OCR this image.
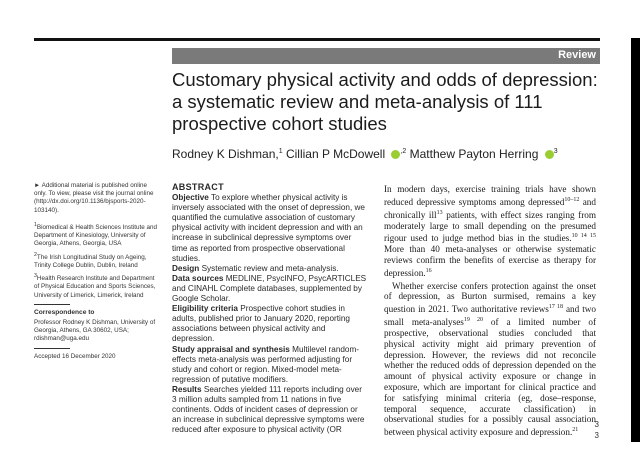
Review
Customary physical activity and odds of depression: a systematic review and meta-analysis of 111 prospective cohort studies
Rodney K Dishman,$^1$ Cillian P McDowell $^{,2}$ Matthew Payton Herring $^3$

► Additional material is published online only. To view, please visit the journal online (http://dx.doi.org/10.1136/bjsports-2020-103140).

$^1$Biomedical & Health Sciences Institute and Department of Kinesiology, University of Georgia, Athens, Georgia, USA

$^2$The Irish Longitudinal Study on Ageing, Trinity College Dublin, Dublin, Ireland

$^3$Health Research Institute and Department of Physical Education and Sports Sciences, University of Limerick, Limerick, Ireland

Correspondence to

Professor Rodney K Dishman, University of Georgia, Athens, GA 30602, USA; rdishman@uga.edu

Accepted 16 December 2020

ABSTRACT

Objective To explore whether physical activity is inversely associated with the onset of depression, we quantified the cumulative association of customary physical activity with incident depression and with an increase in subclinical depressive symptoms over time as reported from prospective observational studies.

Design Systematic review and meta-analysis.

Data sources MEDLINE, PsycINFO, PsycARTICLES and CINAHL Complete databases, supplemented by Google Scholar.

Eligibility criteria Prospective cohort studies in adults, published prior to January 2020, reporting associations between physical activity and depression.

Study appraisal and synthesis Multilevel random-effects meta-analysis was performed adjusting for study and cohort or region. Mixed-model meta-regression of putative modifiers.

Results Searches yielded 111 reports including over 3 million adults sampled from 11 nations in five continents. Odds of incident cases of depression or an increase in subclinical depressive symptoms were reduced after exposure to physical activity (OR

In modern days, exercise training trials have shown reduced depressive symptoms among depressed$^{10-12}$ and chronically ill$^{13}$ patients, with effect sizes ranging from moderately large to small depending on the presumed rigour used to judge method bias in the studies.$^{10 14 15}$ More than 40 meta-analyses or otherwise systematic reviews confirm the benefits of exercise as therapy for depression.$^{16}$

Whether exercise confers protection against the onset of depression, as Burton surmised, remains a key question in 2021. Two authoritative reviews$^{17 18}$ and two small meta-analyses$^{19 20}$ of a limited number of prospective, observational studies concluded that physical activity might aid primary prevention of depression. However, the reviews did not reconcile whether the reduced odds of depression depended on the amount of physical activity exposure or change in exposure, which are important for clinical practice and for satisfying minimal criteria (eg, dose–response, temporal sequence, accurate classification) in observational studies for a possibly causal association between physical activity exposure and depression.$^{21}$

3
3
